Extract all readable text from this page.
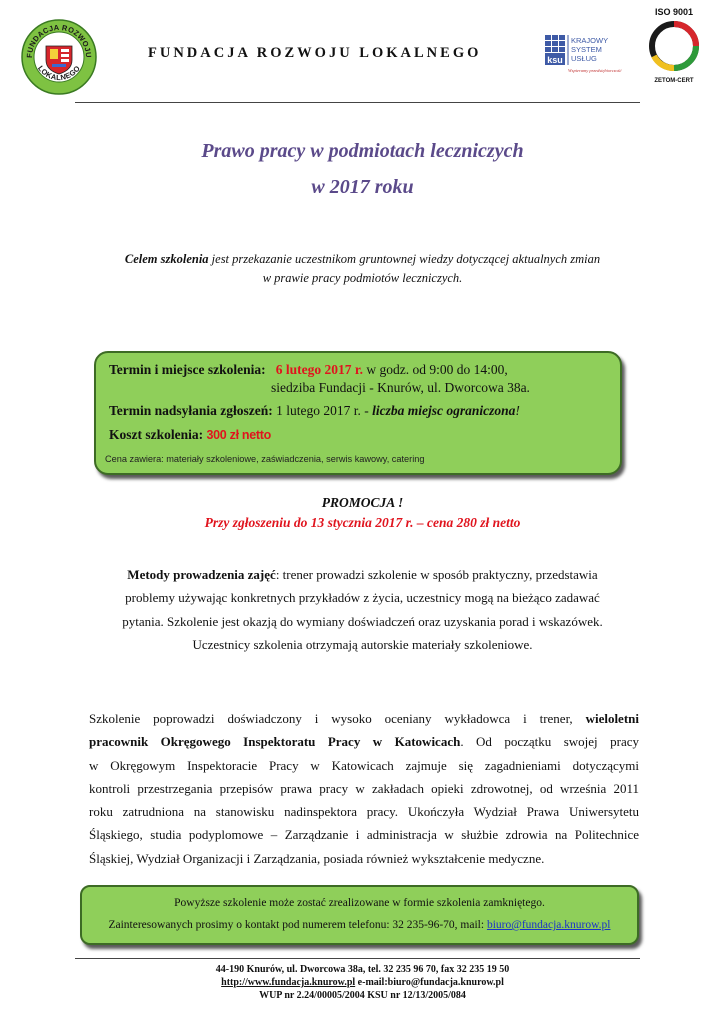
FUNDACJA ROZWOJU
LOKALNEGO
FUNDACJA ROZWOJU LOKALNEGO	ksu
KRAJOWY
SYSTEM
USŁUG
Wspieramy przedsiębiorczość
ISO 9001
ZETOM-CERT
Prawo pracy w podmiotach leczniczych
w 2017 roku
Celem szkolenia jest przekazanie uczestnikom gruntownej wiedzy dotyczącej aktualnych zmian
w prawie pracy podmiotów leczniczych.
Termin i miejsce szkolenia: 6 lutego 2017 r. w godz. od 9:00 do 14:00,
siedziba Fundacji - Knurów, ul. Dworcowa 38a.
Termin nadsyłania zgłoszeń: 1 lutego 2017 r. - liczba miejsc ograniczona!
Koszt szkolenia: 300 zł netto
Cena zawiera: materiały szkoleniowe, zaświadczenia, serwis kawowy, catering
PROMOCJA !
Przy zgłoszeniu do 13 stycznia 2017 r. – cena 280 zł netto
Metody prowadzenia zajęć: trener prowadzi szkolenie w sposób praktyczny, przedstawia
problemy używając konkretnych przykładów z życia, uczestnicy mogą na bieżąco zadawać
pytania. Szkolenie jest okazją do wymiany doświadczeń oraz uzyskania porad i wskazówek.
Uczestnicy szkolenia otrzymają autorskie materiały szkoleniowe.
Szkolenie poprowadzi doświadczony i wysoko oceniany wykładowca i trener, wieloletni
pracownik Okręgowego Inspektoratu Pracy w Katowicach. Od początku swojej pracy
w Okręgowym Inspektoracie Pracy w Katowicach zajmuje się zagadnieniami dotyczącymi
kontroli przestrzegania przepisów prawa pracy w zakładach opieki zdrowotnej, od września 2011
roku zatrudniona na stanowisku nadinspektora pracy. Ukończyła Wydział Prawa Uniwersytetu
Śląskiego, studia podyplomowe – Zarządzanie i administracja w służbie zdrowia na Politechnice
Śląskiej, Wydział Organizacji i Zarządzania, posiada również wykształcenie medyczne.
Powyższe szkolenie może zostać zrealizowane w formie szkolenia zamkniętego.
Zainteresowanych prosimy o kontakt pod numerem telefonu: 32 235-96-70, mail: biuro@fundacja.knurow.pl
44-190 Knurów, ul. Dworcowa 38a, tel. 32 235 96 70, fax 32 235 19 50
http://www.fundacja.knurow.pl e-mail:biuro@fundacja.knurow.pl
WUP nr 2.24/00005/2004 KSU nr 12/13/2005/084
